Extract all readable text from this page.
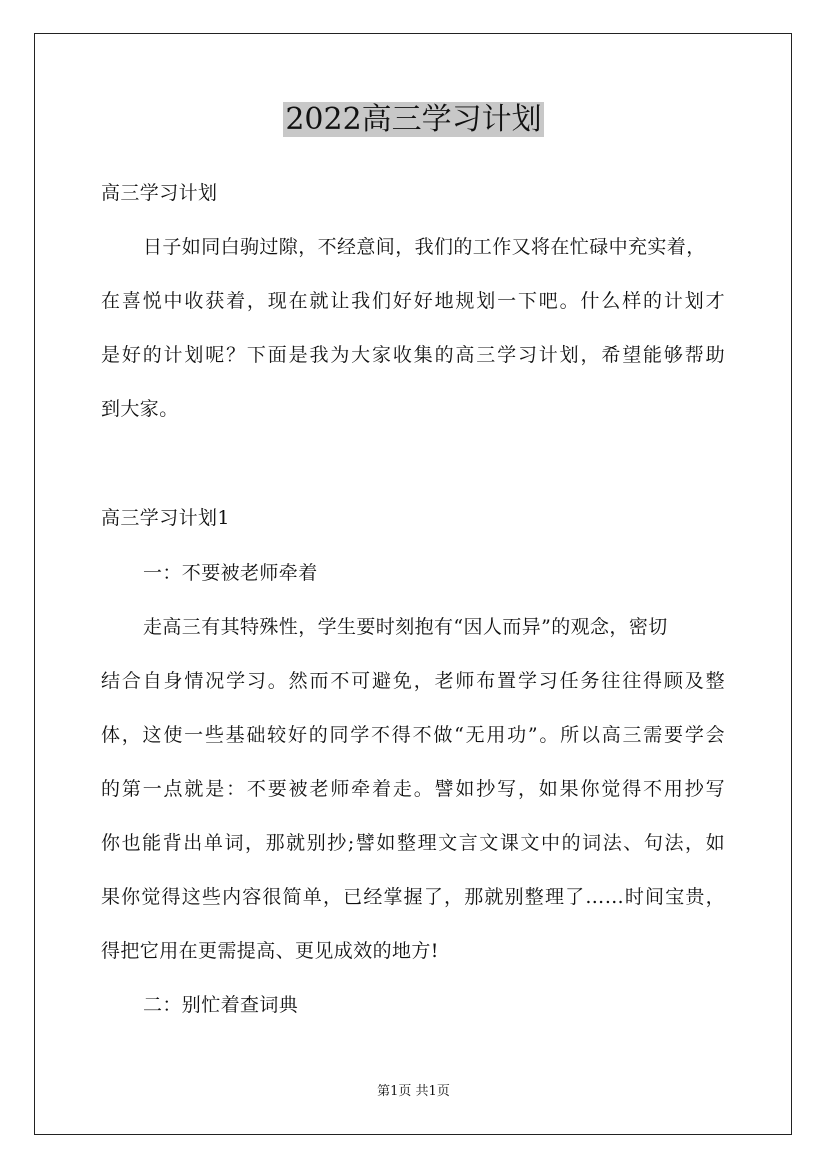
2022高三学习计划
高三学习计划
日子如同白驹过隙，不经意间，我们的工作又将在忙碌中充实着，
在喜悦中收获着，现在就让我们好好地规划一下吧。什么样的计划才
是好的计划呢？下面是我为大家收集的高三学习计划，希望能够帮助
到大家。
高三学习计划1
一：不要被老师牵着
走高三有其特殊性，学生要时刻抱有“因人而异”的观念，密切
结合自身情况学习。然而不可避免，老师布置学习任务往往得顾及整
体，这使一些基础较好的同学不得不做“无用功”。所以高三需要学会
的第一点就是：不要被老师牵着走。譬如抄写，如果你觉得不用抄写
你也能背出单词，那就别抄;譬如整理文言文课文中的词法、句法，如
果你觉得这些内容很简单，已经掌握了，那就别整理了……时间宝贵，
得把它用在更需提高、更见成效的地方!
二：别忙着查词典
第1页 共1页
